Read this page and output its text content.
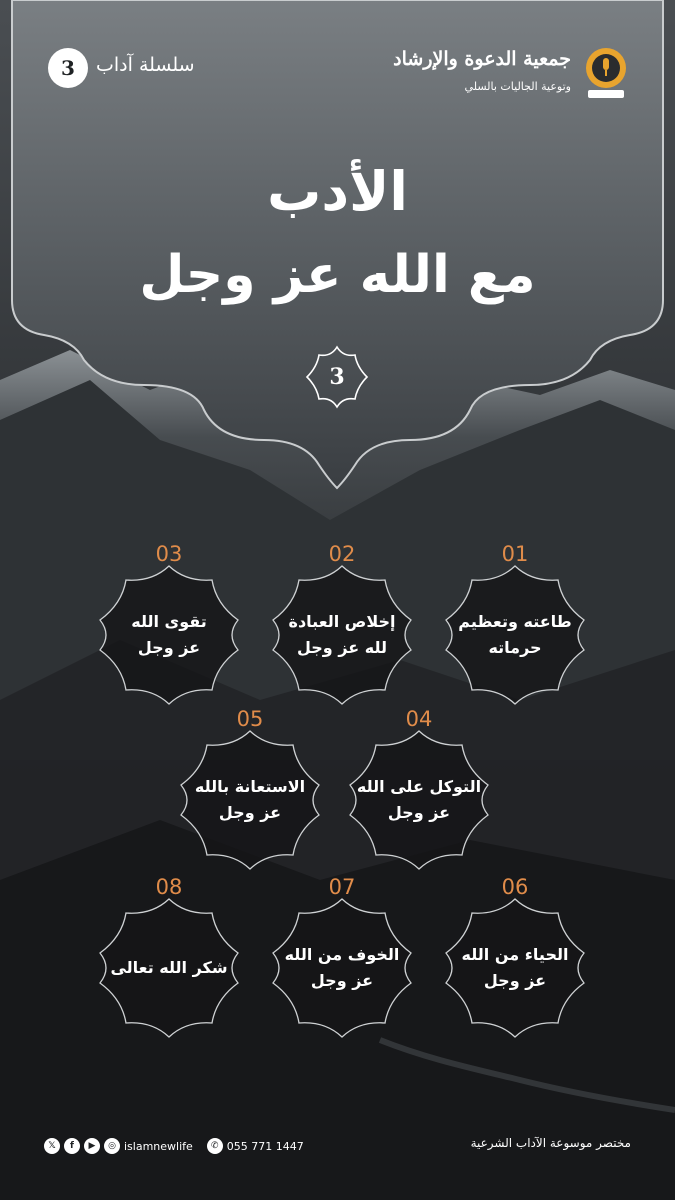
3	سلسلة آداب	جمعية الدعوة والإرشاد
وتوعية الجاليات بالسلي
الأدب
مع الله عز وجل
3
01
طاعته وتعظيم
حرماته
02
إخلاص العبادة
لله عز وجل
03
تقوى الله
عز وجل
04
التوكل على الله
عز وجل
05
الاستعانة بالله
عز وجل
06
الحياء من الله
عز وجل
07
الخوف من الله
عز وجل
08
شكر الله تعالى
𝕏	f	▶	◎ islamnewlife	✆ 055 771 1447	مختصر موسوعة الآداب الشرعية
